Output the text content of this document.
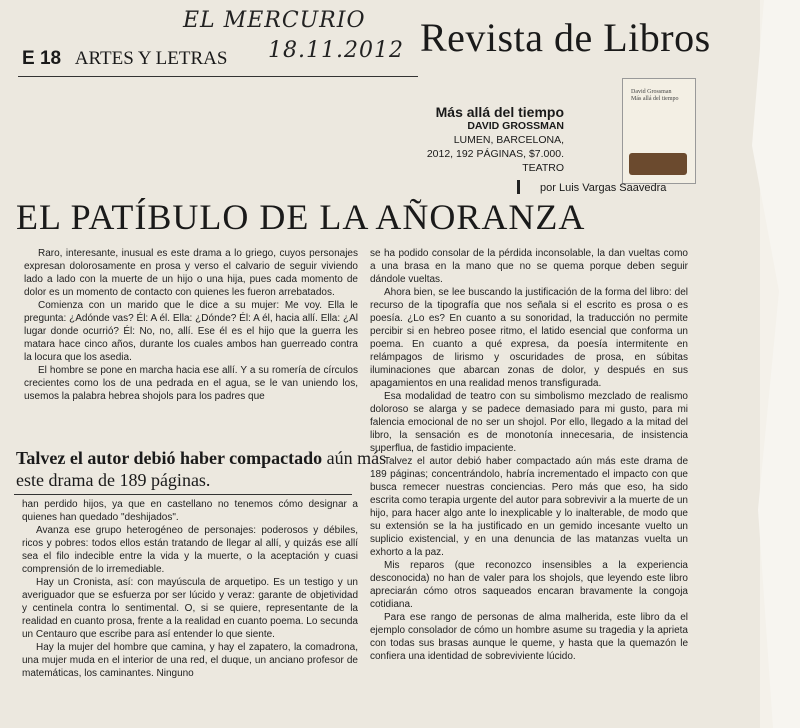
EL MERCURIO
18.11.2012
E 18 ARTES Y LETRAS	Revista de Libros
Más allá del tiempo
DAVID GROSSMAN
LUMEN, BARCELONA,
2012, 192 PÁGINAS, $7.000.
TEATRO
David Grossman
Más allá del tiempo
por Luis Vargas Saavedra
EL PATÍBULO DE LA AÑORANZA

Raro, interesante, inusual es este drama a lo griego, cuyos personajes expresan dolorosamente en prosa y verso el calvario de seguir viviendo lado a lado con la muerte de un hijo o una hija, pues cada momento de dolor es un momento de contacto con quienes les fueron arrebatados.

Comienza con un marido que le dice a su mujer: Me voy. Ella le pregunta: ¿Adónde vas? Él: A él. Ella: ¿Dónde? Él: A él, hacia allí. Ella: ¿Al lugar donde ocurrió? Él: No, no, allí. Ese él es el hijo que la guerra les matara hace cinco años, durante los cuales ambos han guerreado contra la locura que los asedia.

El hombre se pone en marcha hacia ese allí. Y a su romería de círculos crecientes como los de una pedrada en el agua, se le van uniendo los, usemos la palabra hebrea shojols para los padres que

Talvez el autor debió haber compactado aún más este drama de 189 páginas.

han perdido hijos, ya que en castellano no tenemos cómo designar a quienes han quedado "deshijados".

Avanza ese grupo heterogéneo de personajes: poderosos y débiles, ricos y pobres: todos ellos están tratando de llegar al allí, y quizás ese allí sea el filo indecible entre la vida y la muerte, o la aceptación y cuasi comprensión de lo irremediable.

Hay un Cronista, así: con mayúscula de arquetipo. Es un testigo y un averiguador que se esfuerza por ser lúcido y veraz: garante de objetividad y centinela contra lo sentimental. O, si se quiere, representante de la realidad en cuanto prosa, frente a la realidad en cuanto poema. Lo secunda un Centauro que escribe para así entender lo que siente.

Hay la mujer del hombre que camina, y hay el zapatero, la comadrona, una mujer muda en el interior de una red, el duque, un anciano profesor de matemáticas, los caminantes. Ninguno

se ha podido consolar de la pérdida inconsolable, la dan vueltas como a una brasa en la mano que no se quema porque deben seguir dándole vueltas.

Ahora bien, se lee buscando la justificación de la forma del libro: del recurso de la tipografía que nos señala si el escrito es prosa o es poesía. ¿Lo es? En cuanto a su sonoridad, la traducción no permite percibir si en hebreo posee ritmo, el latido esencial que conforma un poema. En cuanto a qué expresa, da poesía intermitente en relámpagos de lirismo y oscuridades de prosa, en súbitas iluminaciones que abarcan zonas de dolor, y después en sus apagamientos en una realidad menos transfigurada.

Esa modalidad de teatro con su simbolismo mezclado de realismo doloroso se alarga y se padece demasiado para mi gusto, para mi falencia emocional de no ser un shojol. Por ello, llegado a la mitad del libro, la sensación es de monotonía innecesaria, de insistencia superflua, de fastidio impaciente.

Talvez el autor debió haber compactado aún más este drama de 189 páginas; concentrándolo, habría incrementado el impacto con que busca remecer nuestras conciencias. Pero más que eso, ha sido escrita como terapia urgente del autor para sobrevivir a la muerte de un hijo, para hacer algo ante lo inexplicable y lo inalterable, de modo que su extensión se la ha justificado en un gemido incesante vuelto un suplicio existencial, y en una denuncia de las matanzas vuelta un exhorto a la paz.

Mis reparos (que reconozco insensibles a la experiencia desconocida) no han de valer para los shojols, que leyendo este libro apreciarán cómo otros saqueados encaran bravamente la congoja cotidiana.

Para ese rango de personas de alma malherida, este libro da el ejemplo consolador de cómo un hombre asume su tragedia y la aprieta con todas sus brasas aunque le queme, y hasta que la quemazón le confiera una identidad de sobreviviente lúcido.
